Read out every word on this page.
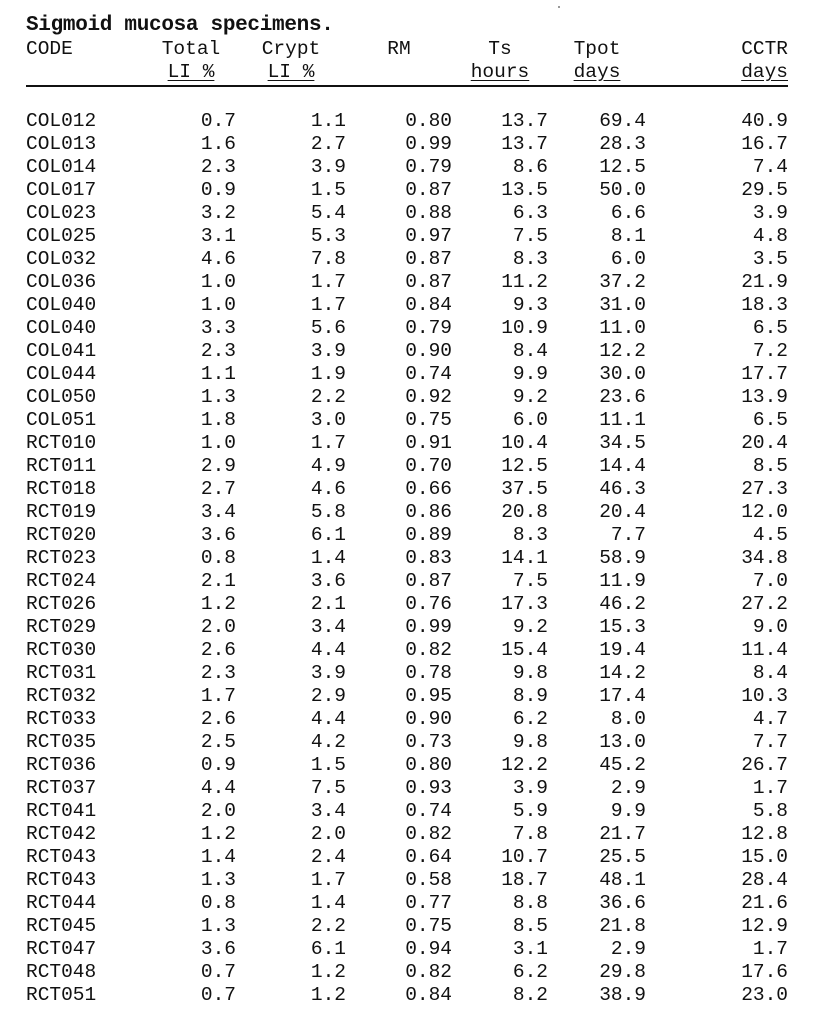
Sigmoid mucosa specimens.
CODE	Total	Crypt	RM	Ts	Tpot	CCTR
	LI %	LI %		hours	days	days

COL012	0.7	1.1	0.80	13.7	69.4	40.9
COL013	1.6	2.7	0.99	13.7	28.3	16.7
COL014	2.3	3.9	0.79	8.6	12.5	7.4
COL017	0.9	1.5	0.87	13.5	50.0	29.5
COL023	3.2	5.4	0.88	6.3	6.6	3.9
COL025	3.1	5.3	0.97	7.5	8.1	4.8
COL032	4.6	7.8	0.87	8.3	6.0	3.5
COL036	1.0	1.7	0.87	11.2	37.2	21.9
COL040	1.0	1.7	0.84	9.3	31.0	18.3
COL040	3.3	5.6	0.79	10.9	11.0	6.5
COL041	2.3	3.9	0.90	8.4	12.2	7.2
COL044	1.1	1.9	0.74	9.9	30.0	17.7
COL050	1.3	2.2	0.92	9.2	23.6	13.9
COL051	1.8	3.0	0.75	6.0	11.1	6.5
RCT010	1.0	1.7	0.91	10.4	34.5	20.4
RCT011	2.9	4.9	0.70	12.5	14.4	8.5
RCT018	2.7	4.6	0.66	37.5	46.3	27.3
RCT019	3.4	5.8	0.86	20.8	20.4	12.0
RCT020	3.6	6.1	0.89	8.3	7.7	4.5
RCT023	0.8	1.4	0.83	14.1	58.9	34.8
RCT024	2.1	3.6	0.87	7.5	11.9	7.0
RCT026	1.2	2.1	0.76	17.3	46.2	27.2
RCT029	2.0	3.4	0.99	9.2	15.3	9.0
RCT030	2.6	4.4	0.82	15.4	19.4	11.4
RCT031	2.3	3.9	0.78	9.8	14.2	8.4
RCT032	1.7	2.9	0.95	8.9	17.4	10.3
RCT033	2.6	4.4	0.90	6.2	8.0	4.7
RCT035	2.5	4.2	0.73	9.8	13.0	7.7
RCT036	0.9	1.5	0.80	12.2	45.2	26.7
RCT037	4.4	7.5	0.93	3.9	2.9	1.7
RCT041	2.0	3.4	0.74	5.9	9.9	5.8
RCT042	1.2	2.0	0.82	7.8	21.7	12.8
RCT043	1.4	2.4	0.64	10.7	25.5	15.0
RCT043	1.3	1.7	0.58	18.7	48.1	28.4
RCT044	0.8	1.4	0.77	8.8	36.6	21.6
RCT045	1.3	2.2	0.75	8.5	21.8	12.9
RCT047	3.6	6.1	0.94	3.1	2.9	1.7
RCT048	0.7	1.2	0.82	6.2	29.8	17.6
RCT051	0.7	1.2	0.84	8.2	38.9	23.0
